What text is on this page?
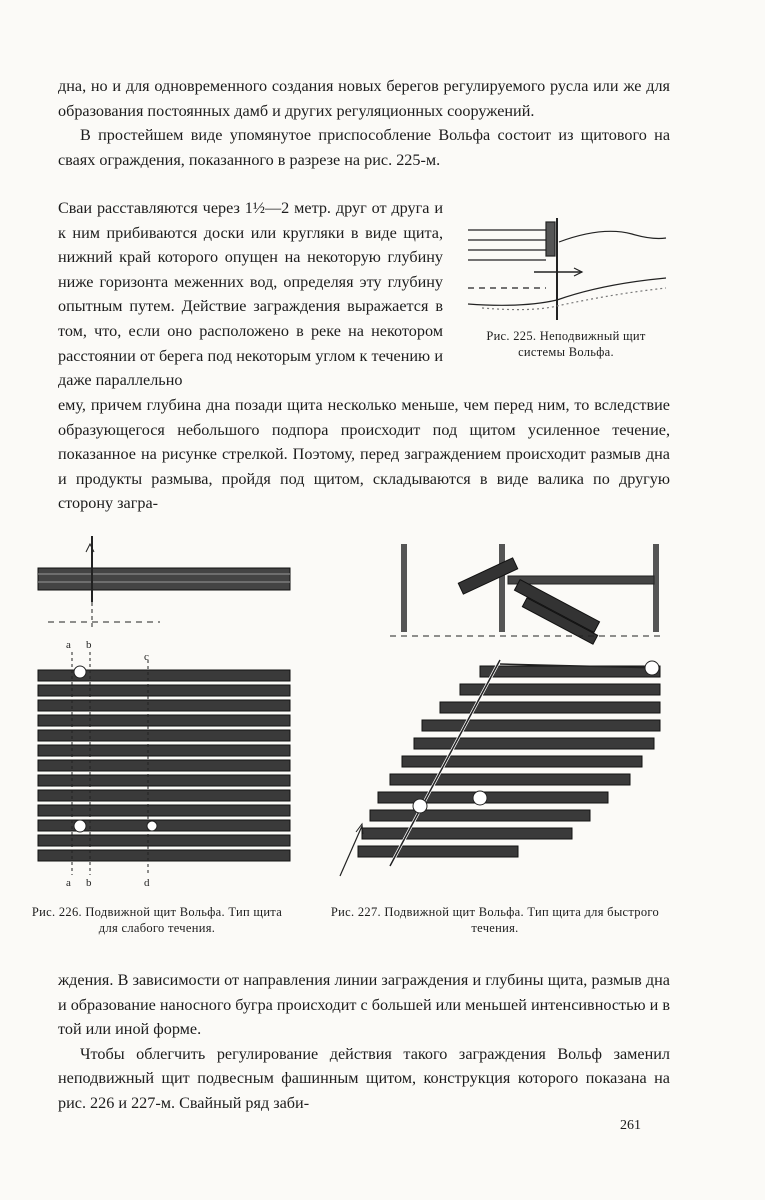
дна, но и для одновременного создания новых берегов регулируемого русла или же для образования постоянных дамб и других регуляционных сооружений.

В простейшем виде упомянутое приспособление Вольфа состоит из щитового на сваях ограждения, показанного в разрезе на рис. 225-м.

Сваи расставляются через 1½—2 метр. друг от друга и к ним прибиваются доски или кругляки в виде щита, нижний край которого опущен на некоторую глубину ниже горизонта меженних вод, определяя эту глубину опытным путем. Действие заграждения выражается в том, что, если оно расположено в реке на некотором расстоянии от берега под некоторым углом к течению и даже параллельно

Рис. 225. Неподвижный щит системы Вольфа.

ему, причем глубина дна позади щита несколько меньше, чем перед ним, то вследствие образующегося небольшого подпора происходит под щитом усиленное течение, показанное на рисунке стрелкой. Поэтому, перед заграждением происходит размыв дна и продукты размыва, пройдя под щитом, складываются в виде валика по другую сторону загра-

a b
c
a b	d
Рис. 226. Подвижной щит Вольфа. Тип щита для слабого течения.
Рис. 227. Подвижной щит Вольфа. Тип щита для быстрого течения.

ждения. В зависимости от направления линии заграждения и глубины щита, размыв дна и образование наносного бугра происходит с большей или меньшей интенсивностью и в той или иной форме.

Чтобы облегчить регулирование действия такого заграждения Вольф заменил неподвижный щит подвесным фашинным щитом, конструкция которого показана на рис. 226 и 227-м. Свайный ряд заби-

261
